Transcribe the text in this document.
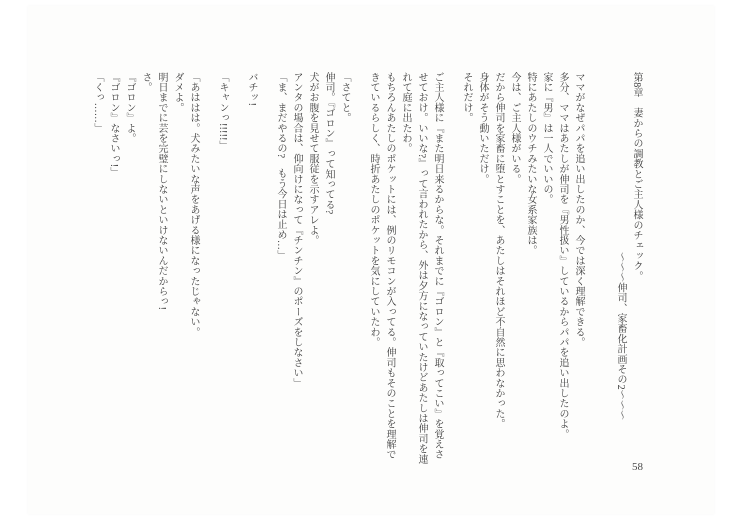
第8章　妻からの調教とご主人様のチェック。

〜〜〜伸司、家畜化計画その2〜〜〜

ママがなぜパパを追い出したのか、今では深く理解できる。

多分、ママはあたしが伸司を『男性扱い』しているからパパを追い出したのよ。

家に『男』は一人でいいの。

特にあたしのウチみたいな女系家族は。

今は、ご主人様がいる。

だから伸司を家畜に堕とすことを、あたしはそれほど不自然に思わなかった。

身体がそう動いただけ。

それだけ。

ご主人様に『また明日来るからな。それまでに『ゴロン』と『取ってこい』を覚えさせておけ。いいな?』って言われたから、外は夕方になっていたけどあたしは伸司を連れて庭に出たわ。

もちろんあたしのポケットには、例のリモコンが入ってる。伸司もそのことを理解できているらしく、時折あたしのポケットを気にしていたわ。

「さてと。

伸司。『ゴロン』って知ってる?

犬がお腹を見せて服従を示すアレよ。

アンタの場合は、仰向けになって『チンチン』のポーズをしなさい」

「ま、まだやるの?　もう今日は止め…」

バチッ!

「キャンっ!!!!!」

「あははは。犬みたいな声をあげる様になったじゃない。

ダメよ。

明日までに芸を完璧にしないといけないんだからっ!

さ。

『ゴロン』よ。

『ゴロン』なさいっ!」

「くっ……」

58
